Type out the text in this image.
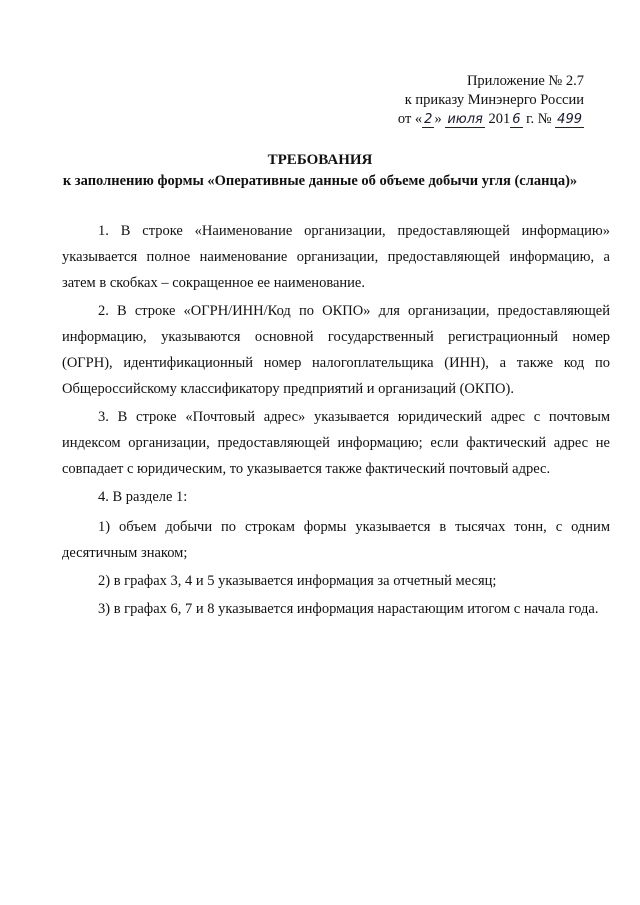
Приложение № 2.7
к приказу Минэнерго России
от « 2 » июля 201 6 г. № 499
ТРЕБОВАНИЯ
к заполнению формы «Оперативные данные об объеме добычи угля (сланца)»

1. В строке «Наименование организации, предоставляющей информацию» указывается полное наименование организации, предоставляющей информацию, а затем в скобках – сокращенное ее наименование.

2. В строке «ОГРН/ИНН/Код по ОКПО» для организации, предоставляющей информацию, указываются основной государственный регистрационный номер (ОГРН), идентификационный номер налогоплательщика (ИНН), а также код по Общероссийскому классификатору предприятий и организаций (ОКПО).

3. В строке «Почтовый адрес» указывается юридический адрес с почтовым индексом организации, предоставляющей информацию; если фактический адрес не совпадает с юридическим, то указывается также фактический почтовый адрес.

4. В разделе 1:

1) объем добычи по строкам формы указывается в тысячах тонн, с одним десятичным знаком;

2) в графах 3, 4 и 5 указывается информация за отчетный месяц;

3) в графах 6, 7 и 8 указывается информация нарастающим итогом с начала года.
